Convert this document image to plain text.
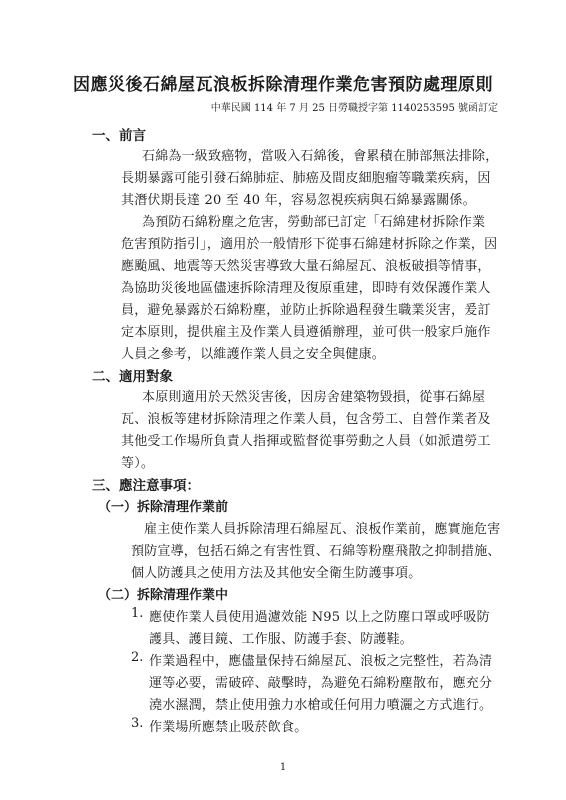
因應災後石綿屋瓦浪板拆除清理作業危害預防處理原則
中華民國 114 年 7 月 25 日勞職授字第 1140253595 號函訂定
一、前言
石綿為一級致癌物，當吸入石綿後，會累積在肺部無法排除，
長期暴露可能引發石綿肺症、肺癌及間皮細胞瘤等職業疾病，因
其潛伏期長達 20 至 40 年，容易忽視疾病與石綿暴露關係。
為預防石綿粉塵之危害，勞動部已訂定「石綿建材拆除作業
危害預防指引」，適用於一般情形下從事石綿建材拆除之作業，因
應颱風、地震等天然災害導致大量石綿屋瓦、浪板破損等情事，
為協助災後地區儘速拆除清理及復原重建，即時有效保護作業人
員，避免暴露於石綿粉塵，並防止拆除過程發生職業災害，爰訂
定本原則，提供雇主及作業人員遵循辦理，並可供一般家戶施作
人員之參考，以維護作業人員之安全與健康。
二、適用對象
本原則適用於天然災害後，因房舍建築物毀損，從事石綿屋
瓦、浪板等建材拆除清理之作業人員，包含勞工、自營作業者及
其他受工作場所負責人指揮或監督從事勞動之人員（如派遣勞工
等）。
三、應注意事項：
（一）拆除清理作業前
雇主使作業人員拆除清理石綿屋瓦、浪板作業前，應實施危害
預防宣導，包括石綿之有害性質、石綿等粉塵飛散之抑制措施、
個人防護具之使用方法及其他安全衛生防護事項。
（二）拆除清理作業中
1. 應使作業人員使用過濾效能 N95 以上之防塵口罩或呼吸防
護具、護目鏡、工作服、防護手套、防護鞋。
2. 作業過程中，應儘量保持石綿屋瓦、浪板之完整性，若為清
運等必要，需破碎、敲擊時，為避免石綿粉塵散布，應充分
澆水濕潤，禁止使用強力水槍或任何用力噴灑之方式進行。
3. 作業場所應禁止吸菸飲食。
1
